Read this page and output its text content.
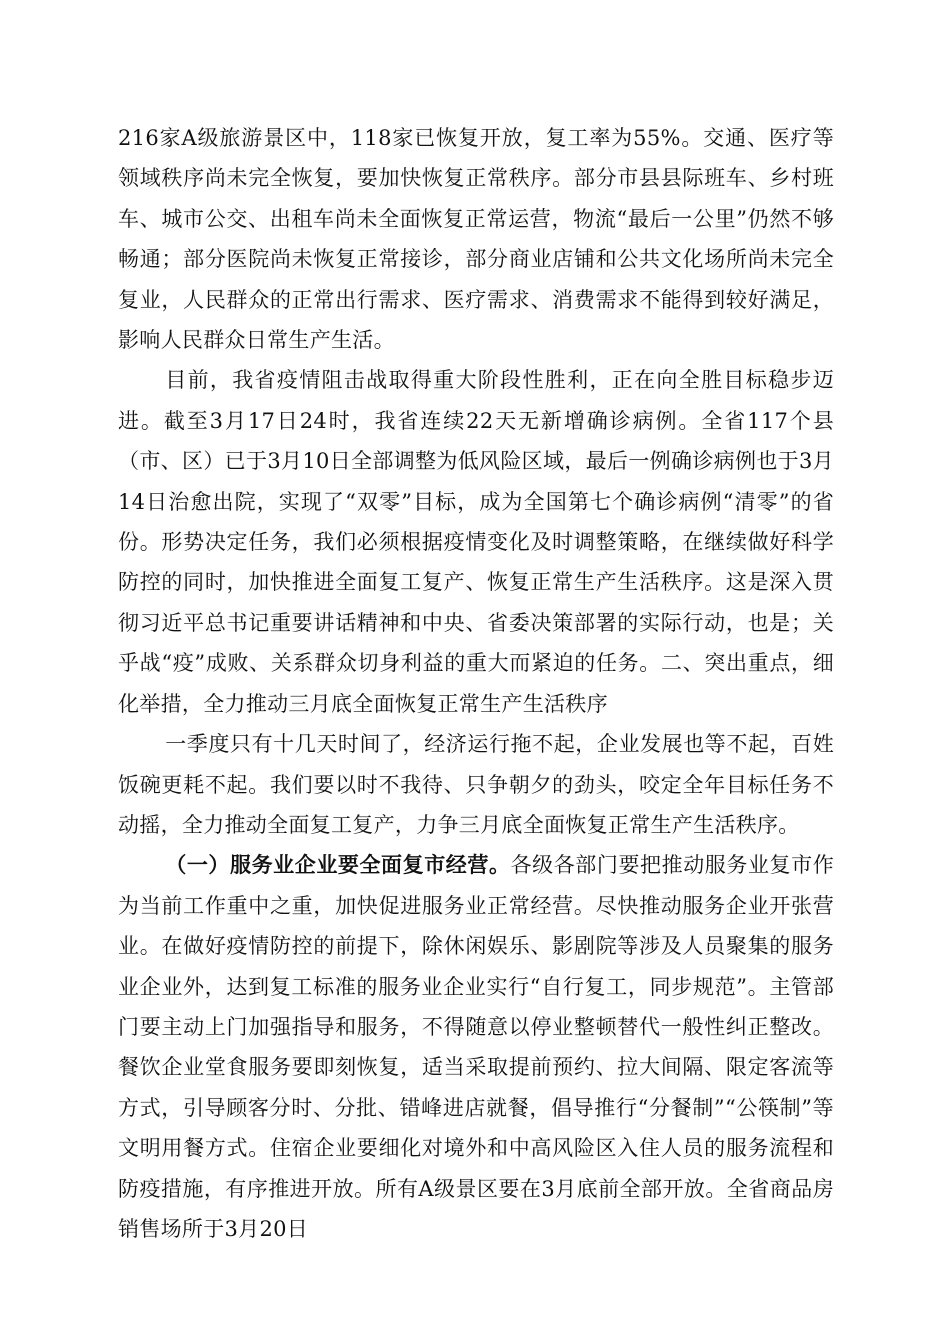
216家A级旅游景区中，118家已恢复开放，复工率为55%。交通、医疗等领域秩序尚未完全恢复，要加快恢复正常秩序。部分市县县际班车、乡村班车、城市公交、出租车尚未全面恢复正常运营，物流“最后一公里”仍然不够畅通；部分医院尚未恢复正常接诊，部分商业店铺和公共文化场所尚未完全复业，人民群众的正常出行需求、医疗需求、消费需求不能得到较好满足，影响人民群众日常生产生活。

目前，我省疫情阻击战取得重大阶段性胜利，正在向全胜目标稳步迈进。截至3月17日24时，我省连续22天无新增确诊病例。全省117个县（市、区）已于3月10日全部调整为低风险区域，最后一例确诊病例也于3月14日治愈出院，实现了“双零”目标，成为全国第七个确诊病例“清零”的省份。形势决定任务，我们必须根据疫情变化及时调整策略，在继续做好科学防控的同时，加快推进全面复工复产、恢复正常生产生活秩序。这是深入贯彻习近平总书记重要讲话精神和中央、省委决策部署的实际行动，也是；关乎战“疫”成败、关系群众切身利益的重大而紧迫的任务。二、突出重点，细化举措，全力推动三月底全面恢复正常生产生活秩序

一季度只有十几天时间了，经济运行拖不起，企业发展也等不起，百姓饭碗更耗不起。我们要以时不我待、只争朝夕的劲头，咬定全年目标任务不动摇，全力推动全面复工复产，力争三月底全面恢复正常生产生活秩序。

（一）服务业企业要全面复市经营。各级各部门要把推动服务业复市作为当前工作重中之重，加快促进服务业正常经营。尽快推动服务企业开张营业。在做好疫情防控的前提下，除休闲娱乐、影剧院等涉及人员聚集的服务业企业外，达到复工标准的服务业企业实行“自行复工，同步规范”。主管部门要主动上门加强指导和服务，不得随意以停业整顿替代一般性纠正整改。餐饮企业堂食服务要即刻恢复，适当采取提前预约、拉大间隔、限定客流等方式，引导顾客分时、分批、错峰进店就餐，倡导推行“分餐制”“公筷制”等文明用餐方式。住宿企业要细化对境外和中高风险区入住人员的服务流程和防疫措施，有序推进开放。所有A级景区要在3月底前全部开放。全省商品房销售场所于3月20日
